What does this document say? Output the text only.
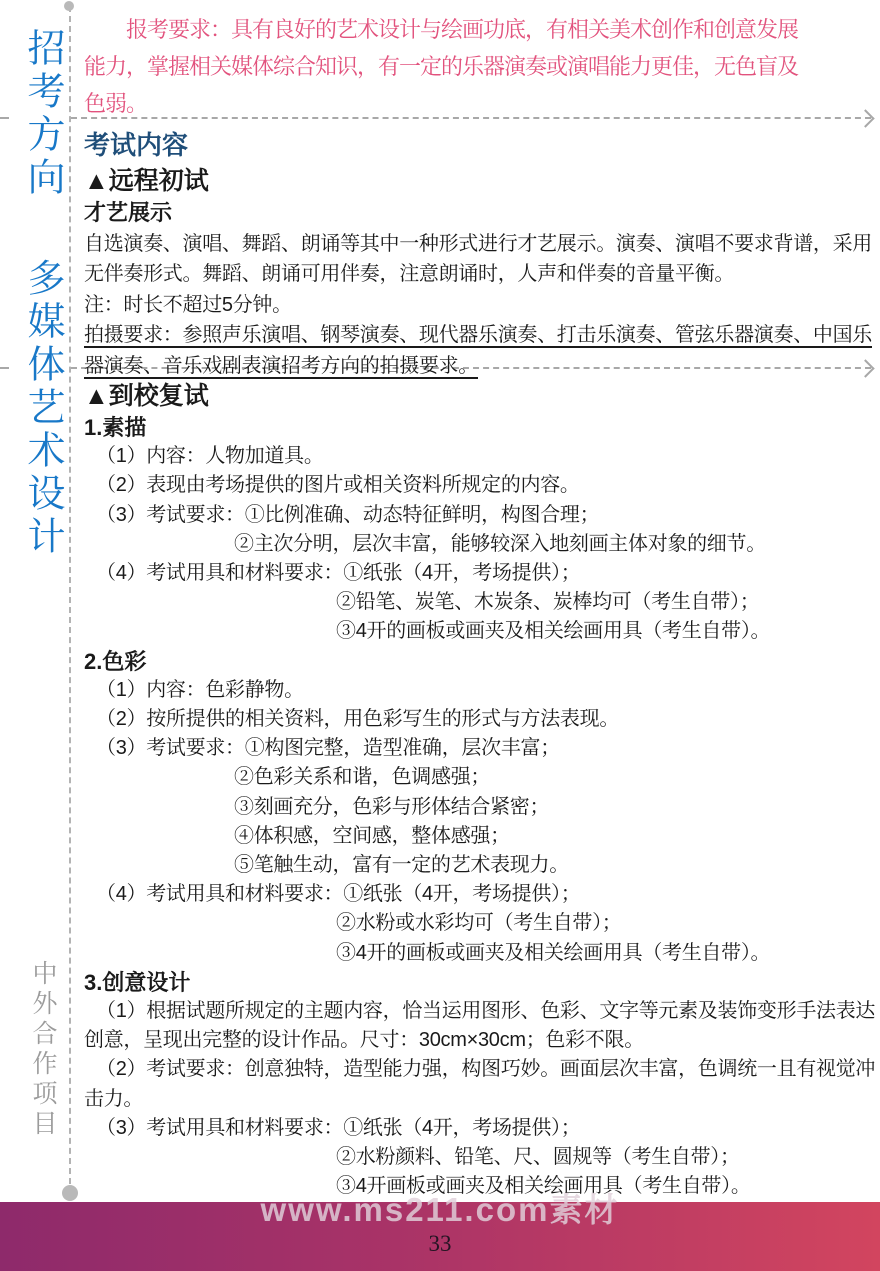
招考方向
多媒体艺术设计
中外合作项目
　　报考要求：具有良好的艺术设计与绘画功底，有相关美术创作和创意发展
能力，掌握相关媒体综合知识，有一定的乐器演奏或演唱能力更佳，无色盲及
色弱。
考试内容
▲远程初试
才艺展示
自选演奏、演唱、舞蹈、朗诵等其中一种形式进行才艺展示。演奏、演唱不要求背谱，采用
无伴奏形式。舞蹈、朗诵可用伴奏，注意朗诵时，人声和伴奏的音量平衡。
注：时长不超过5分钟。
拍摄要求：参照声乐演唱、钢琴演奏、现代器乐演奏、打击乐演奏、管弦乐器演奏、中国乐
器演奏、音乐戏剧表演招考方向的拍摄要求。
▲到校复试
1.素描
（1）内容：人物加道具。
（2）表现由考场提供的图片或相关资料所规定的内容。
（3）考试要求：①比例准确、动态特征鲜明，构图合理；
②主次分明，层次丰富，能够较深入地刻画主体对象的细节。
（4）考试用具和材料要求：①纸张（4开，考场提供）；
②铅笔、炭笔、木炭条、炭棒均可（考生自带）；
③4开的画板或画夹及相关绘画用具（考生自带）。
2.色彩
（1）内容：色彩静物。
（2）按所提供的相关资料，用色彩写生的形式与方法表现。
（3）考试要求：①构图完整，造型准确，层次丰富；
②色彩关系和谐，色调感强；
③刻画充分，色彩与形体结合紧密；
④体积感，空间感，整体感强；
⑤笔触生动，富有一定的艺术表现力。
（4）考试用具和材料要求：①纸张（4开，考场提供）；
②水粉或水彩均可（考生自带）；
③4开的画板或画夹及相关绘画用具（考生自带）。
3.创意设计
（1）根据试题所规定的主题内容，恰当运用图形、色彩、文字等元素及装饰变形手法表达
创意，呈现出完整的设计作品。尺寸：30cm×30cm；色彩不限。
（2）考试要求：创意独特，造型能力强，构图巧妙。画面层次丰富，色调统一且有视觉冲
击力。
（3）考试用具和材料要求：①纸张（4开，考场提供）；
②水粉颜料、铅笔、尺、圆规等（考生自带）；
③4开画板或画夹及相关绘画用具（考生自带）。
www.ms211.com素材
33
